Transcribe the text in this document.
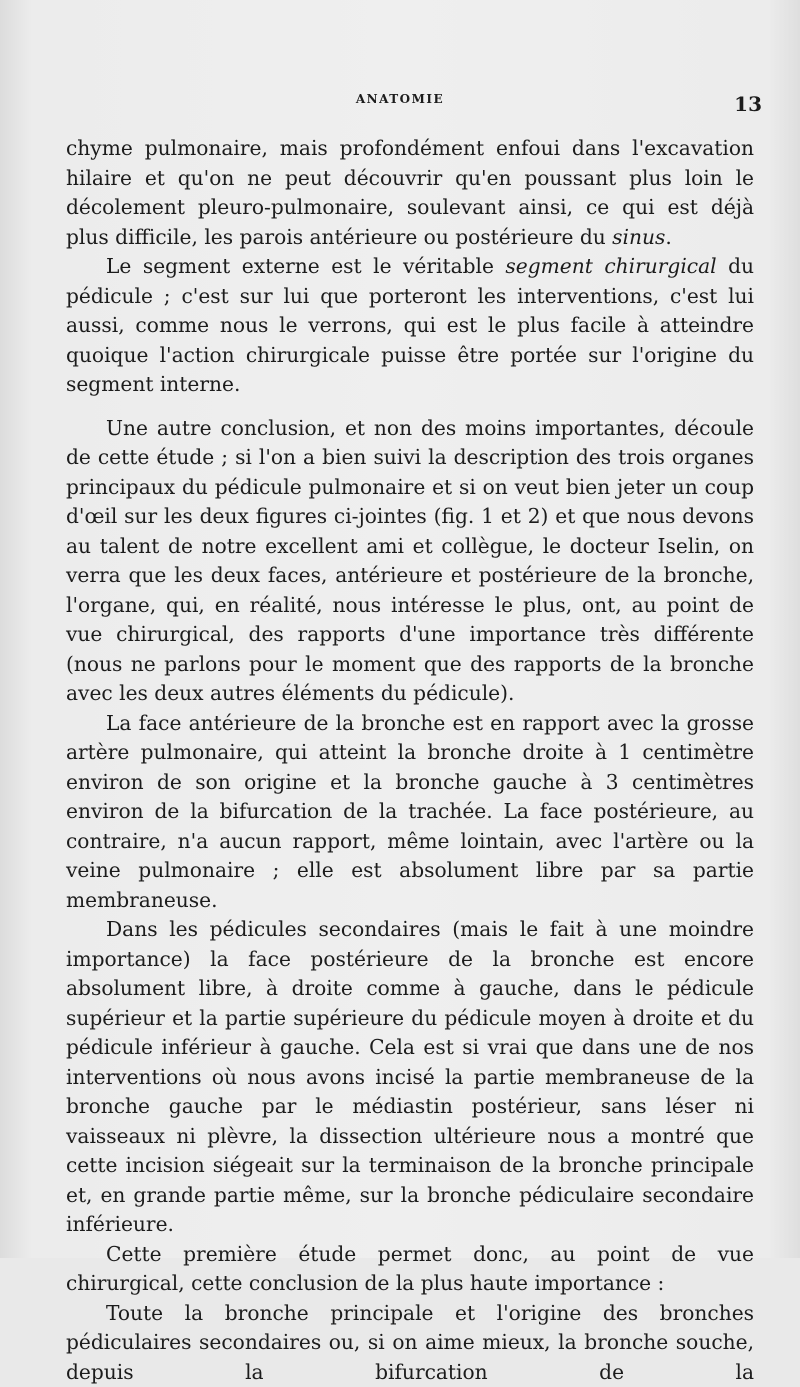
ANATOMIE	13

chyme pulmonaire, mais profondément enfoui dans l'excavation hilaire et qu'on ne peut découvrir qu'en poussant plus loin le décolement pleuro-pulmonaire, soulevant ainsi, ce qui est déjà plus difficile, les parois antérieure ou postérieure du sinus.

Le segment externe est le véritable segment chirurgical du pédicule ; c'est sur lui que porteront les interventions, c'est lui aussi, comme nous le verrons, qui est le plus facile à atteindre quoique l'action chirurgicale puisse être portée sur l'origine du segment interne.

Une autre conclusion, et non des moins importantes, découle de cette étude ; si l'on a bien suivi la description des trois organes principaux du pédicule pulmonaire et si on veut bien jeter un coup d'œil sur les deux figures ci-jointes (fig. 1 et 2) et que nous devons au talent de notre excellent ami et collègue, le docteur Iselin, on verra que les deux faces, antérieure et postérieure de la bronche, l'organe, qui, en réalité, nous intéresse le plus, ont, au point de vue chirurgical, des rapports d'une importance très différente (nous ne parlons pour le moment que des rapports de la bronche avec les deux autres éléments du pédicule).

La face antérieure de la bronche est en rapport avec la grosse artère pulmonaire, qui atteint la bronche droite à 1 centimètre environ de son origine et la bronche gauche à 3 centimètres environ de la bifurcation de la trachée. La face postérieure, au contraire, n'a aucun rapport, même lointain, avec l'artère ou la veine pulmonaire ; elle est absolument libre par sa partie membraneuse.

Dans les pédicules secondaires (mais le fait à une moindre importance) la face postérieure de la bronche est encore absolument libre, à droite comme à gauche, dans le pédicule supérieur et la partie supérieure du pédicule moyen à droite et du pédicule inférieur à gauche. Cela est si vrai que dans une de nos interventions où nous avons incisé la partie membraneuse de la bronche gauche par le médiastin postérieur, sans léser ni vaisseaux ni plèvre, la dissection ultérieure nous a montré que cette incision siégeait sur la terminaison de la bronche principale et, en grande partie même, sur la bronche pédiculaire secondaire inférieure.

Cette première étude permet donc, au point de vue chirurgical, cette conclusion de la plus haute importance :

Toute la bronche principale et l'origine des bronches pédiculaires secondaires ou, si on aime mieux, la bronche souche, depuis la bifurcation de la
